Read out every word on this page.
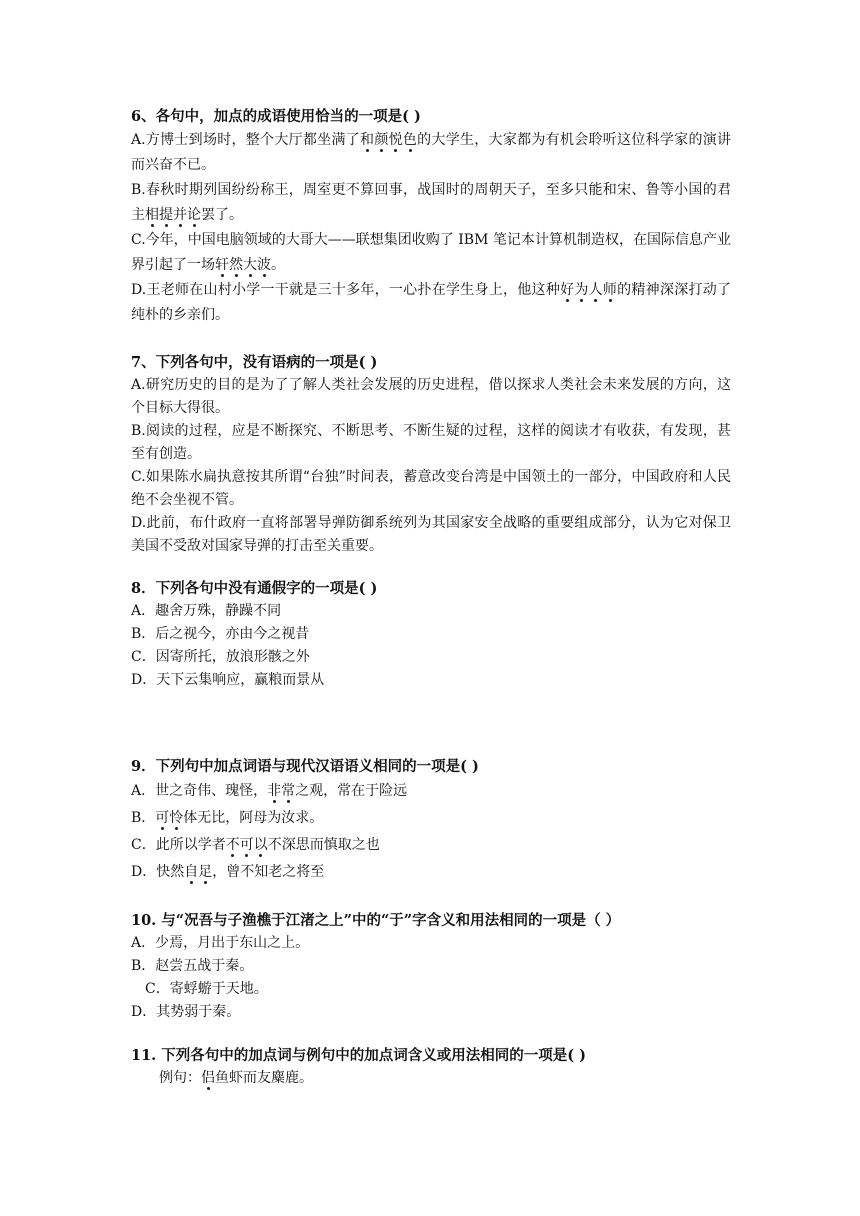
6、各句中，加点的成语使用恰当的一项是( )

A.方博士到场时，整个大厅都坐满了和颜悦色的大学生，大家都为有机会聆听这位科学家的演讲而兴奋不已。

B.春秋时期列国纷纷称王，周室更不算回事，战国时的周朝天子，至多只能和宋、鲁等小国的君主相提并论罢了。

C.今年，中国电脑领域的大哥大——联想集团收购了 IBM 笔记本计算机制造权，在国际信息产业界引起了一场轩然大波。

D.王老师在山村小学一干就是三十多年，一心扑在学生身上，他这种好为人师的精神深深打动了纯朴的乡亲们。

7、下列各句中，没有语病的一项是( )

A.研究历史的目的是为了了解人类社会发展的历史进程，借以探求人类社会未来发展的方向，这个目标大得很。

B.阅读的过程，应是不断探究、不断思考、不断生疑的过程，这样的阅读才有收获，有发现，甚至有创造。

C.如果陈水扁执意按其所谓“台独”时间表，蓄意改变台湾是中国领土的一部分，中国政府和人民绝不会坐视不管。

D.此前，布什政府一直将部署导弹防御系统列为其国家安全战略的重要组成部分，认为它对保卫美国不受敌对国家导弹的打击至关重要。

8．下列各句中没有通假字的一项是( )

A．趣舍万殊，静躁不同

B．后之视今，亦由今之视昔

C．因寄所托，放浪形骸之外

D．天下云集响应，赢粮而景从

9．下列句中加点词语与现代汉语语义相同的一项是( )

A．世之奇伟、瑰怪，非常之观，常在于险远

B．可怜体无比，阿母为汝求。

C．此所以学者不可以不深思而慎取之也

D．快然自足，曾不知老之将至

10. 与“况吾与子渔樵于江渚之上”中的“于”字含义和用法相同的一项是（ ）

A．少焉，月出于东山之上。

B．赵尝五战于秦。

C．寄蜉蝣于天地。

D．其势弱于秦。

11. 下列各句中的加点词与例句中的加点词含义或用法相同的一项是( )

例句：侣鱼虾而友麋鹿。
